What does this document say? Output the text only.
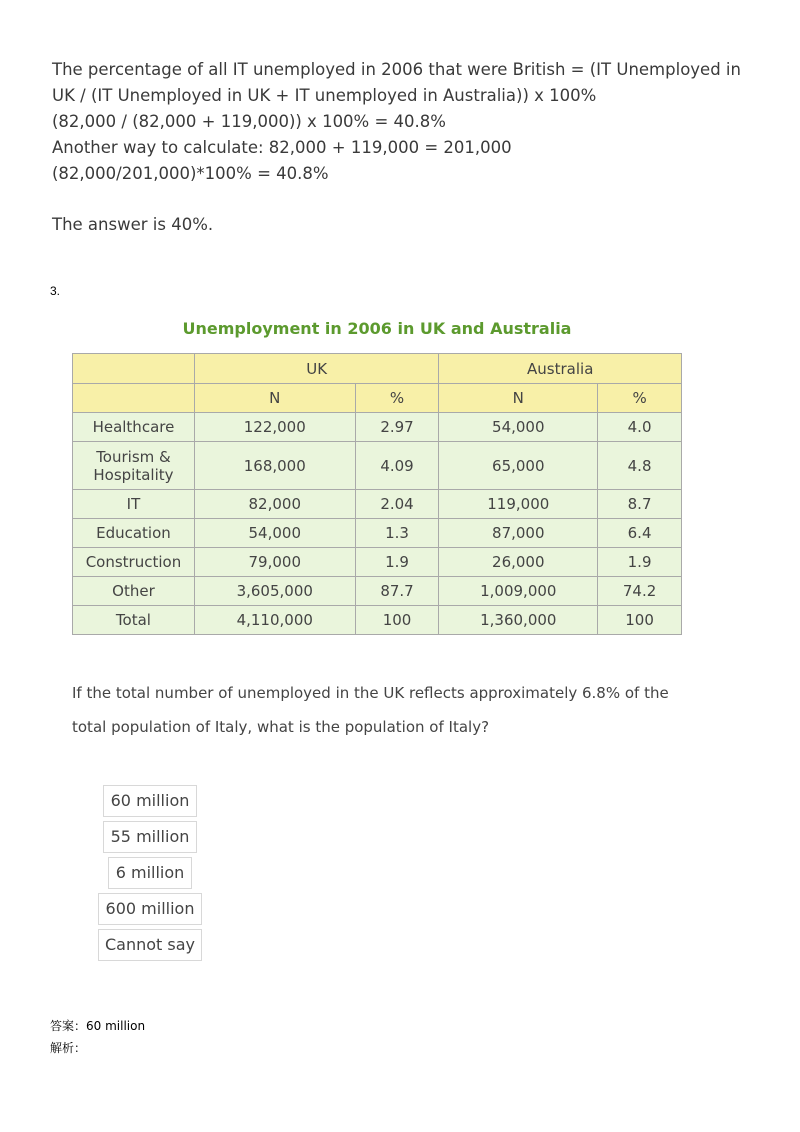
The percentage of all IT unemployed in 2006 that were British = (IT Unemployed in
UK / (IT Unemployed in UK + IT unemployed in Australia)) x 100%
(82,000 / (82,000 + 119,000)) x 100% = 40.8%
Another way to calculate: 82,000 + 119,000 = 201,000
(82,000/201,000)*100% = 40.8%
The answer is 40%.
3.
Unemployment in 2006 in UK and Australia
	UK		Australia	
	N	%	N	%
Healthcare	122,000	2.97	54,000	4.0

Tourism & Hospitality	168,000	4.09	65,000	4.8
IT	82,000	2.04	119,000	8.7
Education	54,000	1.3	87,000	6.4
Construction	79,000	1.9	26,000	1.9
Other	3,605,000	87.7	1,009,000	74.2
Total	4,110,000	100	1,360,000	100
If the total number of unemployed in the UK reflects approximately 6.8% of the
total population of Italy, what is the population of Italy?
60 million
55 million
6 million
600 million
Cannot say
答案：60 million
解析：
